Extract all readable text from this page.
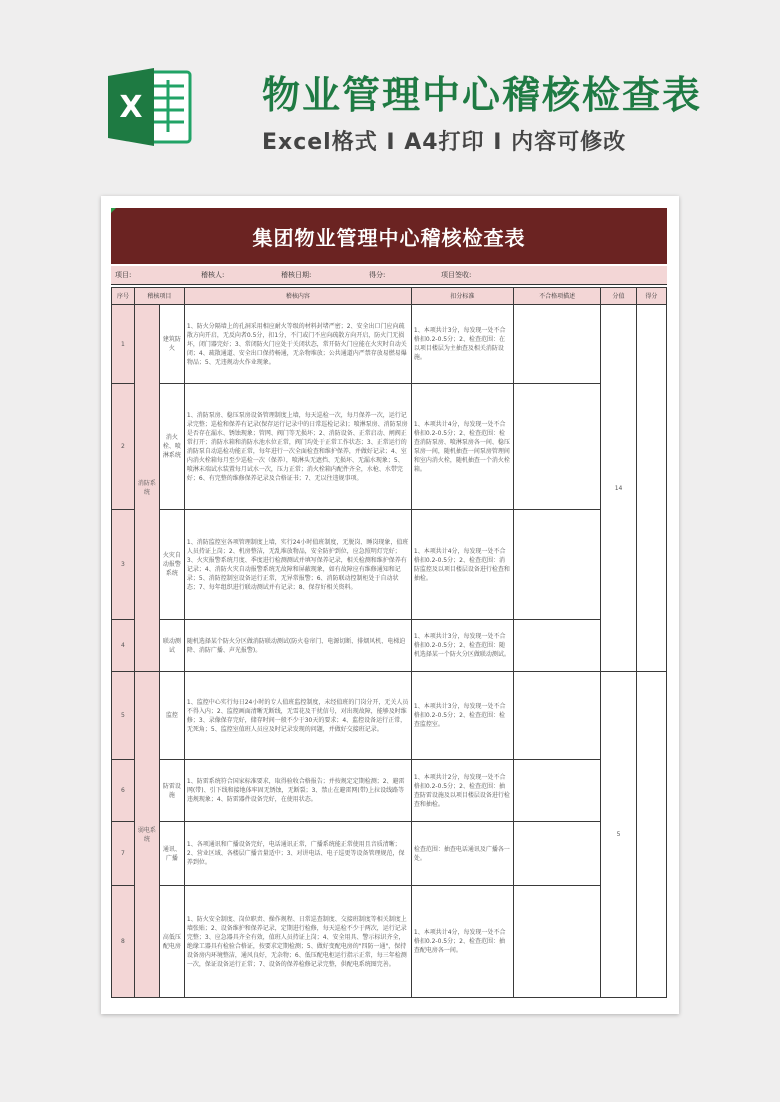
X	物业管理中心稽核检查表
Excel格式 I A4打印 I 内容可修改
集团物业管理中心稽核检查表
项目:	稽核人:	稽核日期:	得分:	项目签收:
序号	稽核项目		稽核内容	扣分标准	不合格项描述	分值	得分
1	消防系统	建筑防火	1、防火分隔墙上的孔洞采用相应耐火等级的材料封堵严密；2、安全出口门应向疏散方向开启，无反向者0.5分，扣1分，不门或门不应向疏散方向开启，防火门无损坏，闭门器完好；3、常闭防火门应处于关闭状态，常开防火门应能在火灾时自动关闭；4、疏散通道、安全出口保持畅通，无杂物堆放；公共通道内严禁存放易燃易爆物品；5、无违规动火作业现象。	1、本项共计3分，每发现一处不合格扣0.2-0.5分；2、检查范围：在以项目楼层为主抽查及相关消防设施。		14	
2		消火栓、喷淋系统	1、消防泵房、稳压泵房设备管理制度上墙，每天巡检一次，每月保养一次，运行记录完整；巡检和保养有记录(保存运行记录中的日常巡检记录)；喷淋泵房、消防泵房是否存在漏水、锈蚀现象；管网、阀门等无损坏；2、消防设备、正常启动、闸阀正常打开；消防水箱和消防水池水位正常，阀门均处于正常工作状态；3、正常运行的消防泵自动巡检功能正常，每年进行一次全面检查和维护保养，并做好记录；4、室内消火栓箱每月至少巡检一次（保养），喷淋头无遮挡、无损坏、无漏水现象；5、喷淋末端试水装置每月试水一次，压力正常；消火栓箱内配件齐全，水枪、水带完好；6、有完整的维修保养记录及合格证书；7、无以往违规事项。	1、本项共计4分，每发现一处不合格扣0.2-0.5分；2、检查范围：检查消防泵房、喷淋泵房各一间、稳压泵房一间，随机抽查一间泵房管理间和室内消火栓，随机抽查一个消火栓箱。			
3		火灾自动报警系统	1、消防监控室各项管理制度上墙，实行24小时值班制度，无脱岗、睡岗现象，值班人员持证上岗；2、机房整洁，无乱堆放物品，安全防护到位，应急照明灯完好；3、火灾报警系统月度、季度进行检测测试并填写保养记录，相关检测和维护保养有记录；4、消防火灾自动报警系统无故障和屏蔽现象，如有故障应有维修通知和记录；5、消防控制室设备运行正常，无异常报警；6、消防联动控制柜处于自动状态；7、每年组织进行联动测试并有记录；8、保存好相关资料。	1、本项共计4分，每发现一处不合格扣0.2-0.5分；2、检查范围：消防监控及以项目楼层设备进行检查和抽检。			
4		联动测试	随机选择某个防火分区做消防联动测试(防火卷帘门、电源切断、排烟风机、电梯迫降、消防广播、声光报警)。	1、本项共计3分，每发现一处不合格扣0.2-0.5分；2、检查范围：随机选择某一个防火分区做联动测试。			
5	弱电系统	监控	1、监控中心实行每日24小时的专人值班监控制度，未经值班的门岗分开，无关人员不得入内；2、监控画面清晰无断线，无雪花及干扰信号，对出现故障，能够及时维修；3、录像保存完好，储存时间一般不少于30天的要求；4、监控设备运行正常，无死角；5、监控室值班人员应及时记录发现的问题，并做好交接班记录。	1、本项共计3分，每发现一处不合格扣0.2-0.5分；2、检查范围：检查监控室。		5	
6		防雷设施	1、防雷系统符合国家标准要求，取得验收合格报告；并按规定定期检测；2、避雷网(带)、引下线和接地体牢固无锈蚀，无断裂；3、禁止在避雷网(带)上拉设线路等违规现象；4、防雷器件设备完好，在使用状态。	1、本项共计2分，每发现一处不合格扣0.2-0.5分；2、检查范围：抽查防雷设施及以项目楼层设备进行检查和抽检。			
7		通讯、广播	1、各项通讯和广播设备完好，电话通讯正常，广播系统能正常使用且音质清晰；2、营业区域、各楼层广播音量适中；3、对讲电话、电子巡更等设备管理规范，保养到位。	检查范围：抽查电话通讯及广播各一处。			
8		高低压配电房	1、防火安全制度、岗位职责、操作规程、日常巡查制度、交接班制度等相关制度上墙张贴；2、设备维护和保养记录，定期进行检修，每天巡检不少于两次，运行记录完整；3、应急器具齐全有效，值班人员持证上岗；4、安全用具、警示标识齐全，绝缘工器具有检验合格证，按要求定期检测；5、做好变配电房的"四防一通"，保持设备房内环境整洁，通风良好，无杂物；6、低压配电柜运行指示正常，每三年检测一次，保证设备运行正常；7、设备的保养检修记录完整，供配电系统图完善。	1、本项共计4分，每发现一处不合格扣0.2-0.5分；2、检查范围：抽查配电房各一间。			
